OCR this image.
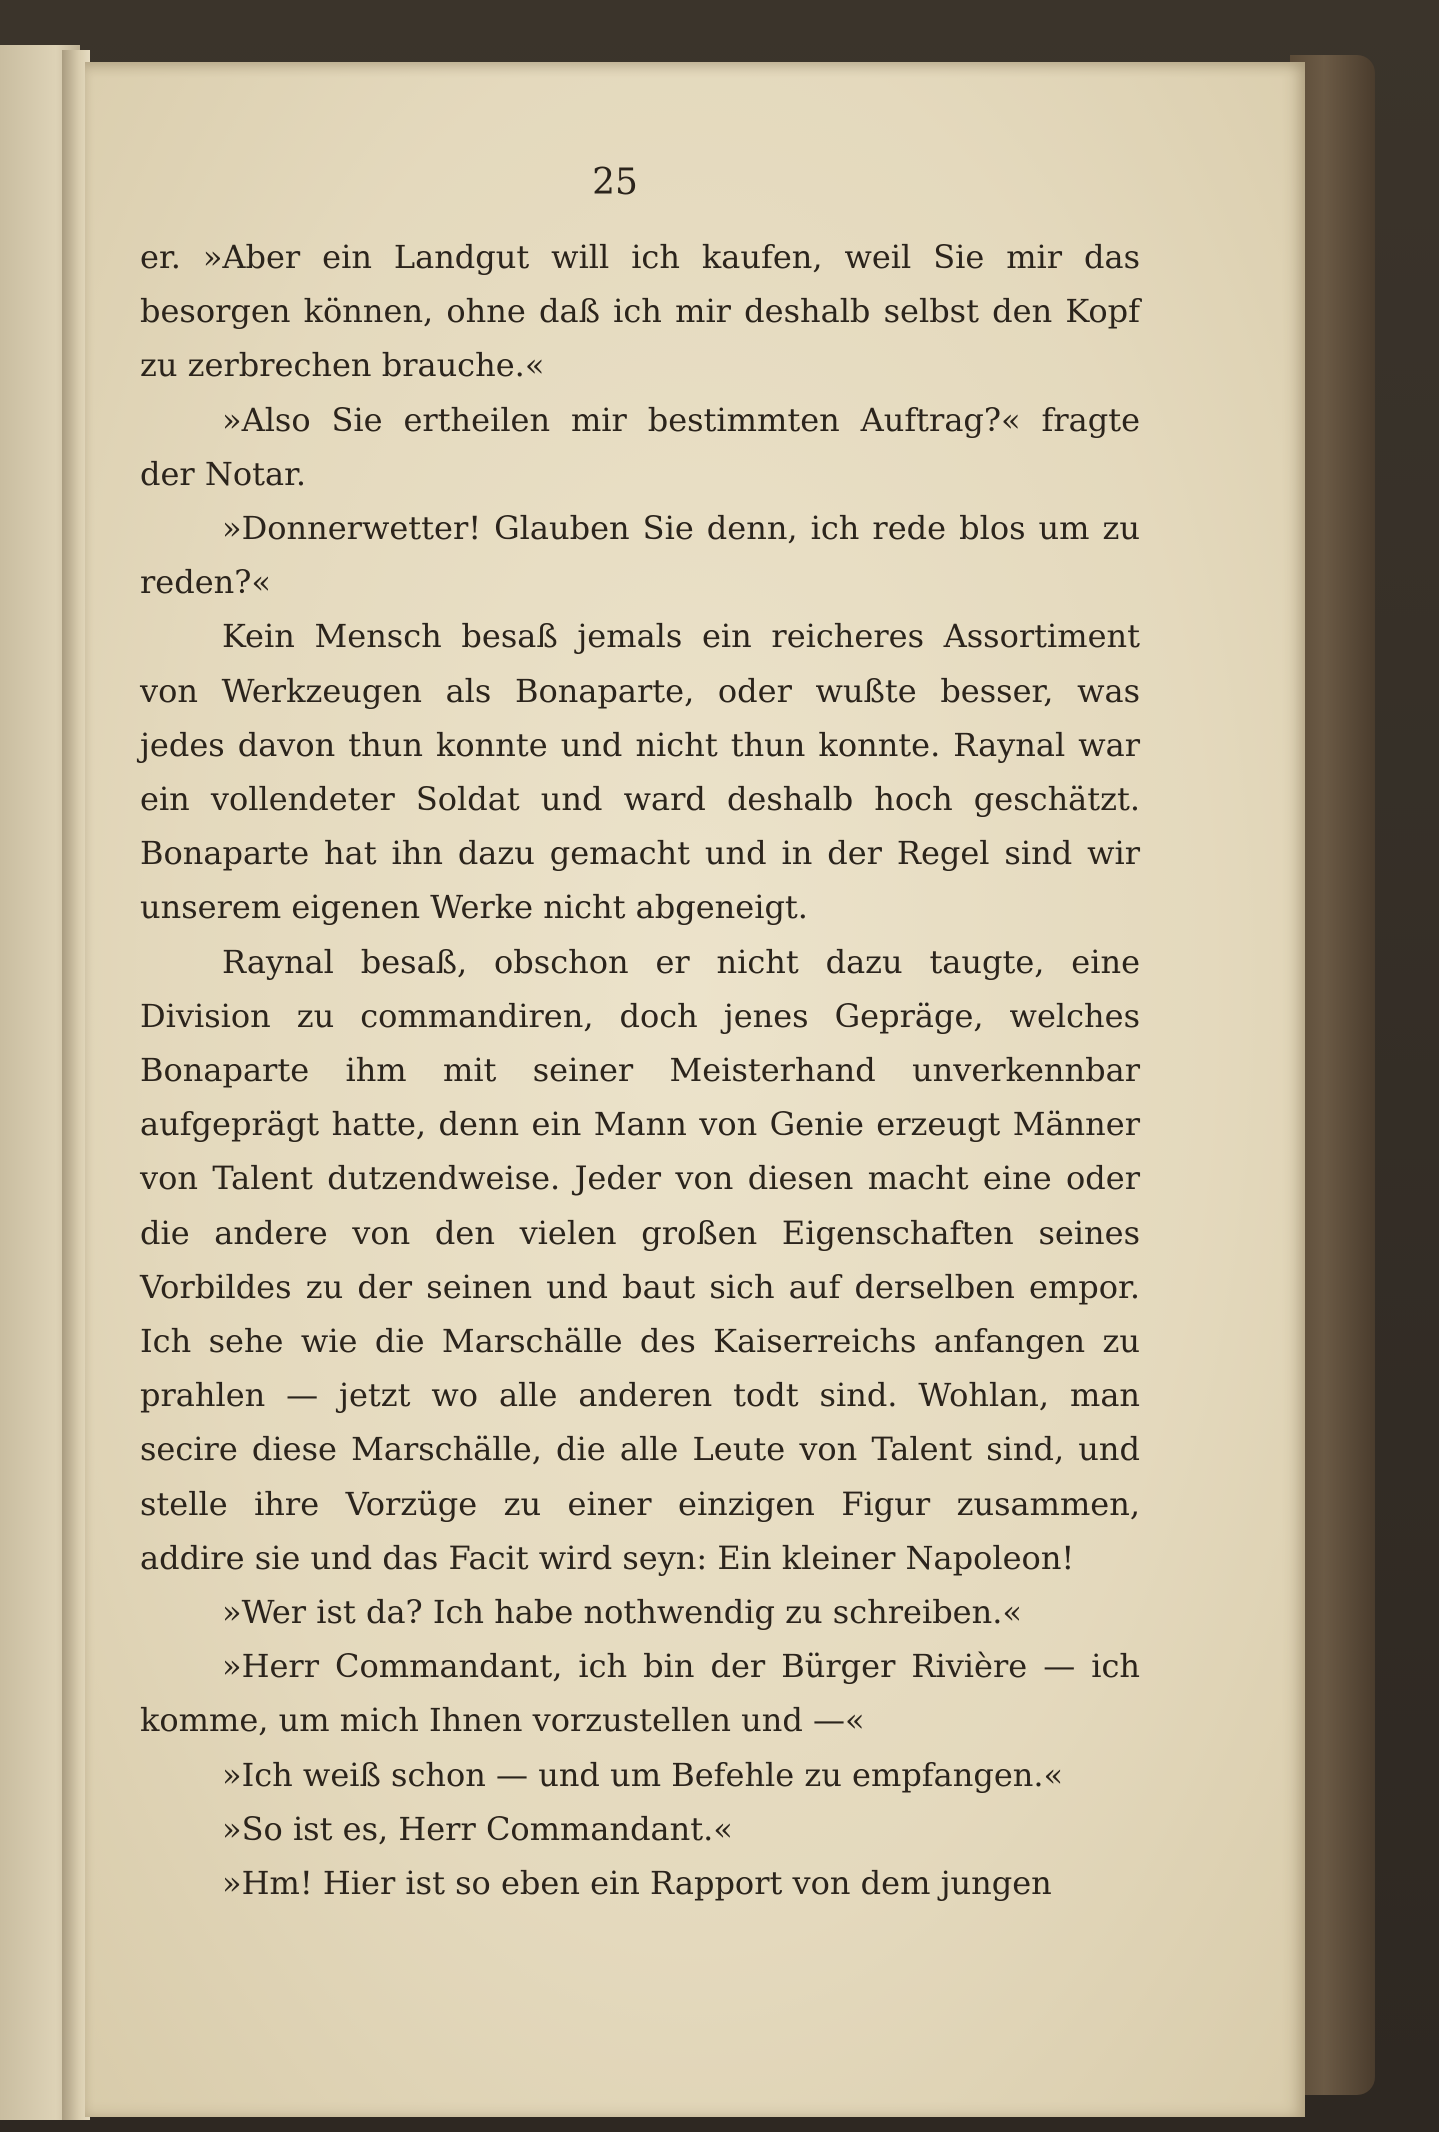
25

er. »Aber ein Landgut will ich kaufen, weil Sie mir das besorgen können, ohne daß ich mir deshalb selbst den Kopf zu zerbrechen brauche.«

»Also Sie ertheilen mir bestimmten Auftrag?« fragte der Notar.

»Donnerwetter! Glauben Sie denn, ich rede blos um zu reden?«

Kein Mensch besaß jemals ein reicheres Assortiment von Werkzeugen als Bonaparte, oder wußte besser, was jedes davon thun konnte und nicht thun konnte. Raynal war ein vollendeter Soldat und ward deshalb hoch geschätzt. Bonaparte hat ihn dazu gemacht und in der Regel sind wir unserem eigenen Werke nicht abgeneigt.

Raynal besaß, obschon er nicht dazu taugte, eine Division zu commandiren, doch jenes Gepräge, welches Bonaparte ihm mit seiner Meisterhand unverkennbar aufgeprägt hatte, denn ein Mann von Genie erzeugt Männer von Talent dutzendweise. Jeder von diesen macht eine oder die andere von den vielen großen Eigenschaften seines Vorbildes zu der seinen und baut sich auf derselben empor. Ich sehe wie die Marschälle des Kaiserreichs anfangen zu prahlen — jetzt wo alle anderen todt sind. Wohlan, man secire diese Marschälle, die alle Leute von Talent sind, und stelle ihre Vorzüge zu einer einzigen Figur zusammen, addire sie und das Facit wird seyn: Ein kleiner Napoleon!

»Wer ist da? Ich habe nothwendig zu schreiben.«

»Herr Commandant, ich bin der Bürger Rivière — ich komme, um mich Ihnen vorzustellen und —«

»Ich weiß schon — und um Befehle zu empfangen.«

»So ist es, Herr Commandant.«

»Hm! Hier ist so eben ein Rapport von dem jungen
